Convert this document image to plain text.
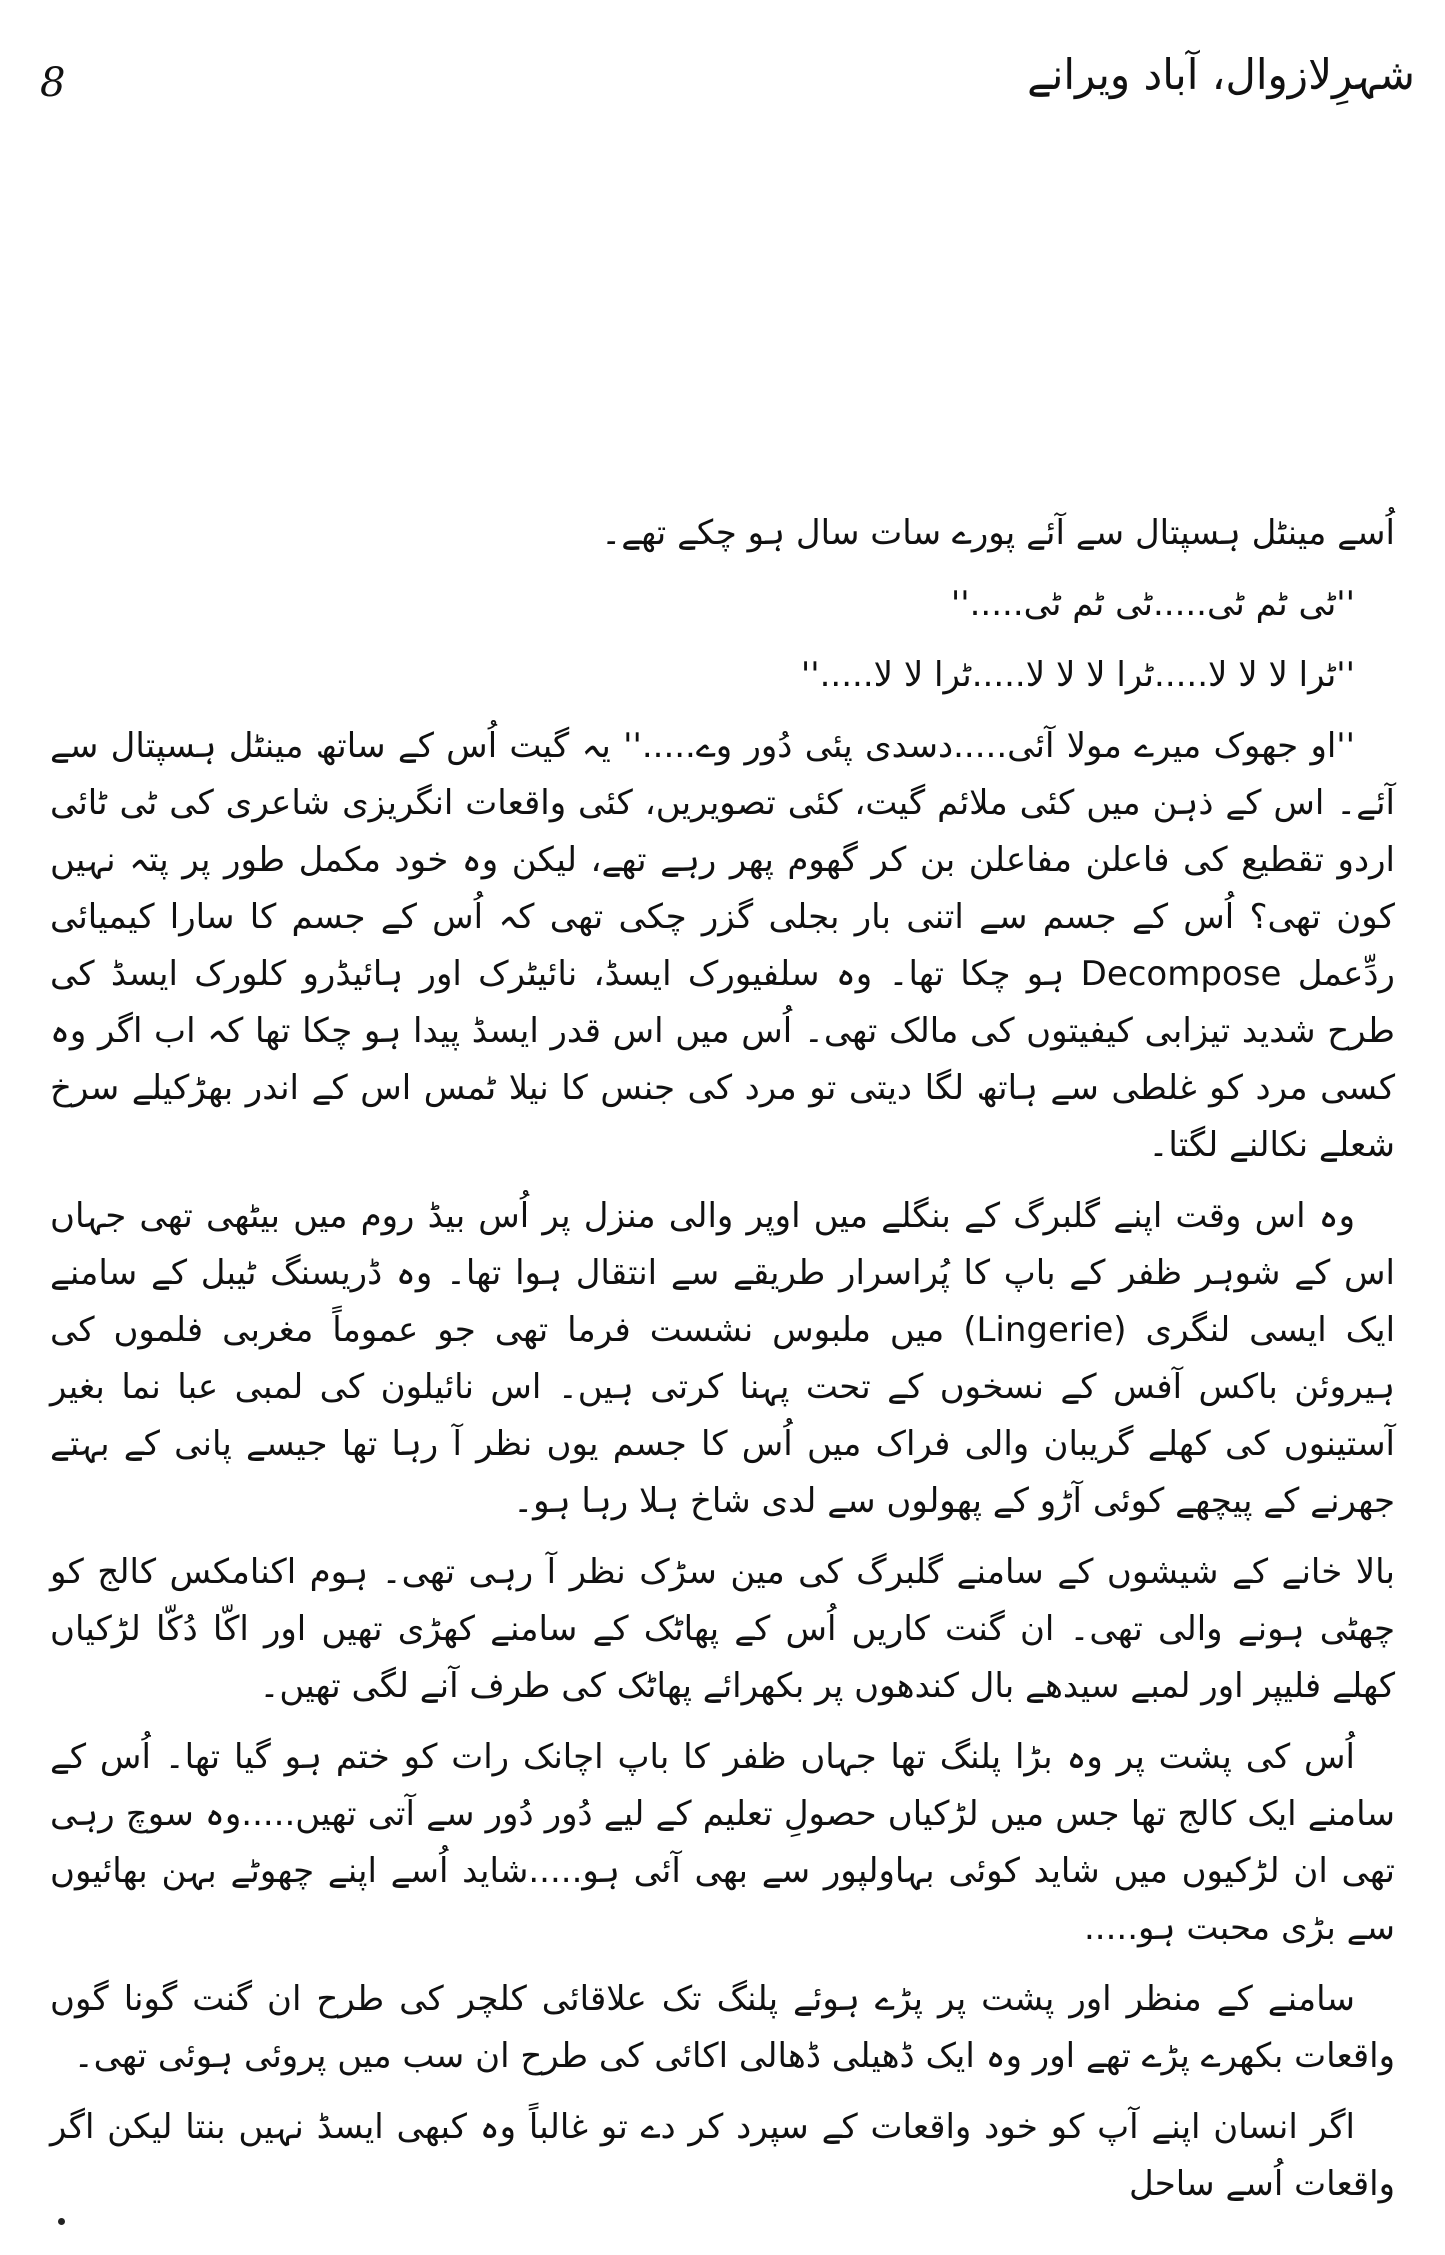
8	شہرِلازوال، آباد ویرانے

اُسے مینٹل ہسپتال سے آئے پورے سات سال ہو چکے تھے۔

''ٹی ٹم ٹی.....ٹی ٹم ٹی.....''

''ٹرا لا لا لا.....ٹرا لا لا لا.....ٹرا لا لا.....''

''او جھوک میرے مولا آئی.....دسدی پئی دُور وے.....'' یہ گیت اُس کے ساتھ مینٹل ہسپتال سے آئے۔ اس کے ذہن میں کئی ملائم گیت، کئی تصویریں، کئی واقعات انگریزی شاعری کی ٹی ٹائی اردو تقطیع کی فاعلن مفاعلن بن کر گھوم پھر رہے تھے، لیکن وہ خود مکمل طور پر پتہ نہیں کون تھی؟ اُس کے جسم سے اتنی بار بجلی گزر چکی تھی کہ اُس کے جسم کا سارا کیمیائی ردِّعمل Decompose ہو چکا تھا۔ وہ سلفیورک ایسڈ، نائیٹرک اور ہائیڈرو کلورک ایسڈ کی طرح شدید تیزابی کیفیتوں کی مالک تھی۔ اُس میں اس قدر ایسڈ پیدا ہو چکا تھا کہ اب اگر وہ کسی مرد کو غلطی سے ہاتھ لگا دیتی تو مرد کی جنس کا نیلا ٹمس اس کے اندر بھڑکیلے سرخ شعلے نکالنے لگتا۔

وہ اس وقت اپنے گلبرگ کے بنگلے میں اوپر والی منزل پر اُس بیڈ روم میں بیٹھی تھی جہاں اس کے شوہر ظفر کے باپ کا پُراسرار طریقے سے انتقال ہوا تھا۔ وہ ڈریسنگ ٹیبل کے سامنے ایک ایسی لنگری (Lingerie) میں ملبوس نشست فرما تھی جو عموماً مغربی فلموں کی ہیروئن باکس آفس کے نسخوں کے تحت پہنا کرتی ہیں۔ اس نائیلون کی لمبی عبا نما بغیر آستینوں کی کھلے گریبان والی فراک میں اُس کا جسم یوں نظر آ رہا تھا جیسے پانی کے بہتے جھرنے کے پیچھے کوئی آڑو کے پھولوں سے لدی شاخ ہلا رہا ہو۔

بالا خانے کے شیشوں کے سامنے گلبرگ کی مین سڑک نظر آ رہی تھی۔ ہوم اکنامکس کالج کو چھٹی ہونے والی تھی۔ ان گنت کاریں اُس کے پھاٹک کے سامنے کھڑی تھیں اور اکّا دُکّا لڑکیاں کھلے فلیپر اور لمبے سیدھے بال کندھوں پر بکھرائے پھاٹک کی طرف آنے لگی تھیں۔

اُس کی پشت پر وہ بڑا پلنگ تھا جہاں ظفر کا باپ اچانک رات کو ختم ہو گیا تھا۔ اُس کے سامنے ایک کالج تھا جس میں لڑکیاں حصولِ تعلیم کے لیے دُور دُور سے آتی تھیں.....وہ سوچ رہی تھی ان لڑکیوں میں شاید کوئی بہاولپور سے بھی آئی ہو.....شاید اُسے اپنے چھوٹے بہن بھائیوں سے بڑی محبت ہو.....

سامنے کے منظر اور پشت پر پڑے ہوئے پلنگ تک علاقائی کلچر کی طرح ان گنت گونا گوں واقعات بکھرے پڑے تھے اور وہ ایک ڈھیلی ڈھالی اکائی کی طرح ان سب میں پروئی ہوئی تھی۔

اگر انسان اپنے آپ کو خود واقعات کے سپرد کر دے تو غالباً وہ کبھی ایسڈ نہیں بنتا لیکن اگر واقعات اُسے ساحل
